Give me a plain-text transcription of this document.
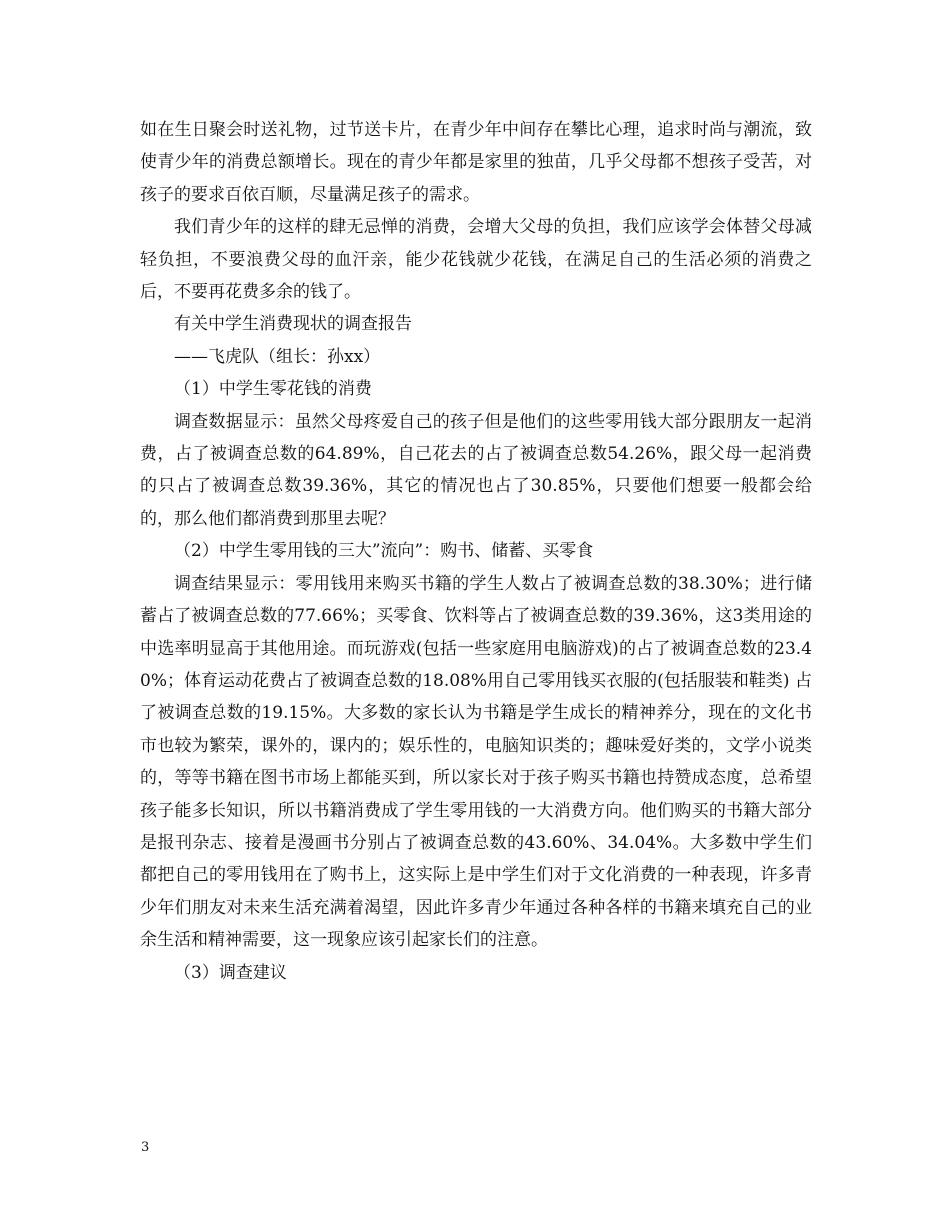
如在生日聚会时送礼物，过节送卡片，在青少年中间存在攀比心理，追求时尚与潮流，致使青少年的消费总额增长。现在的青少年都是家里的独苗，几乎父母都不想孩子受苦，对孩子的要求百依百顺，尽量满足孩子的需求。

我们青少年的这样的肆无忌惮的消费，会增大父母的负担，我们应该学会体替父母减轻负担，不要浪费父母的血汗亲，能少花钱就少花钱，在满足自己的生活必须的消费之后，不要再花费多余的钱了。

有关中学生消费现状的调查报告

——飞虎队（组长：孙xx）

（1）中学生零花钱的消费

调查数据显示：虽然父母疼爱自己的孩子但是他们的这些零用钱大部分跟朋友一起消费，占了被调查总数的64.89%，自己花去的占了被调查总数54.26%，跟父母一起消费的只占了被调查总数39.36%，其它的情况也占了30.85%，只要他们想要一般都会给的，那么他们都消费到那里去呢？

（2）中学生零用钱的三大”流向”：购书、储蓄、买零食

调查结果显示：零用钱用来购买书籍的学生人数占了被调查总数的38.30%；进行储蓄占了被调查总数的77.66%；买零食、饮料等占了被调查总数的39.36%，这3类用途的中选率明显高于其他用途。而玩游戏(包括一些家庭用电脑游戏)的占了被调查总数的23.40%；体育运动花费占了被调查总数的18.08%用自己零用钱买衣服的(包括服装和鞋类) 占了被调查总数的19.15%。大多数的家长认为书籍是学生成长的精神养分，现在的文化书市也较为繁荣，课外的，课内的；娱乐性的，电脑知识类的；趣味爱好类的，文学小说类的，等等书籍在图书市场上都能买到，所以家长对于孩子购买书籍也持赞成态度，总希望孩子能多长知识，所以书籍消费成了学生零用钱的一大消费方向。他们购买的书籍大部分是报刊杂志、接着是漫画书分别占了被调查总数的43.60%、34.04%。大多数中学生们都把自己的零用钱用在了购书上，这实际上是中学生们对于文化消费的一种表现，许多青少年们朋友对未来生活充满着渴望，因此许多青少年通过各种各样的书籍来填充自己的业余生活和精神需要，这一现象应该引起家长们的注意。

（3）调查建议

3
